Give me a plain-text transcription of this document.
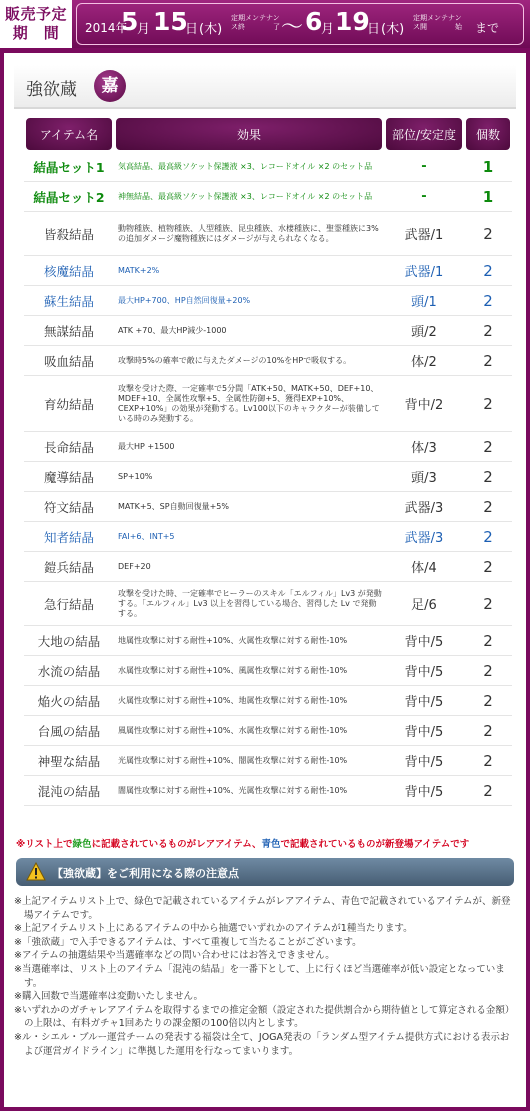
販売予定
期　間	2014年
5
月 15
日 (木)
定期メンテナンス終　　　　了 ～ 6
月 19
日 (木)
定期メンテナンス開　　　　始 まで
強欲蔵	嘉
アイテム名	効果	部位/安定度	個数
結晶セット1	気高結晶、最高級ソケット保護液 ×3、レコードオイル ×2 のセット品	-	1
結晶セット2	神無結晶、最高級ソケット保護液 ×3、レコードオイル ×2 のセット品	-	1
皆殺結晶	動物種族、植物種族、人型種族、昆虫種族、水棲種族に、聖霊種族に3%の追加ダメージ魔物種族にはダメージが与えられなくなる。	武器/1	2
核魔結晶	MATK+2%	武器/1	2
蘇生結晶	最大HP+700、HP自然回復量+20%	頭/1	2
無謀結晶	ATK +70、最大HP減少-1000	頭/2	2
吸血結晶	攻撃時5%の確率で敵に与えたダメージの10%をHPで吸収する。	体/2	2
育幼結晶	攻撃を受けた際、一定確率で5分間「ATK+50、MATK+50、DEF+10、MDEF+10、全属性攻撃+5、全属性防御+5、獲得EXP+10%、CEXP+10%」の効果が発動する。Lv100以下のキャラクターが装備している時のみ発動する。	背中/2	2
長命結晶	最大HP +1500	体/3	2
魔導結晶	SP+10%	頭/3	2
符文結晶	MATK+5、SP自動回復量+5%	武器/3	2
知者結晶	FAI+6、INT+5	武器/3	2
鎧兵結晶	DEF+20	体/4	2
急行結晶	攻撃を受けた時、一定確率でヒーラーのスキル「エルフィル」Lv3 が発動する。「エルフィル」Lv3 以上を習得している場合、習得した Lv で発動する。	足/6	2
大地の結晶	地属性攻撃に対する耐性+10%、火属性攻撃に対する耐性-10%	背中/5	2
水流の結晶	水属性攻撃に対する耐性+10%、風属性攻撃に対する耐性-10%	背中/5	2
焔火の結晶	火属性攻撃に対する耐性+10%、地属性攻撃に対する耐性-10%	背中/5	2
台風の結晶	風属性攻撃に対する耐性+10%、水属性攻撃に対する耐性-10%	背中/5	2
神聖な結晶	光属性攻撃に対する耐性+10%、闇属性攻撃に対する耐性-10%	背中/5	2
混沌の結晶	闇属性攻撃に対する耐性+10%、光属性攻撃に対する耐性-10%	背中/5	2
※リスト上で緑色に記載されているものがレアアイテム、青色で記載されているものが新登場アイテムです
【強欲蔵】をご利用になる際の注意点

※上記アイテムリスト上で、緑色で記載されているアイテムがレアアイテム、青色で記載されているアイテムが、新登場アイテムです。

※上記アイテムリスト上にあるアイテムの中から抽選でいずれかのアイテムが1種当たります。

※「強欲蔵」で入手できるアイテムは、すべて重複して当たることがございます。

※アイテムの抽選結果や当選確率などの問い合わせにはお答えできません。

※当選確率は、リスト上のアイテム「混沌の結晶」を一番下として、上に行くほど当選確率が低い設定となっています。

※購入回数で当選確率は変動いたしません。

※いずれかのガチャレアアイテムを取得するまでの推定金額（設定された提供割合から期待値として算定される金額）の上限は、有料ガチャ1回あたりの課金額の100倍以内とします。

※ル・シエル・ブルー運営チームの発表する福袋は全て、JOGA発表の「ランダム型アイテム提供方式における表示および運営ガイドライン」に準拠した運用を行なってまいります。
